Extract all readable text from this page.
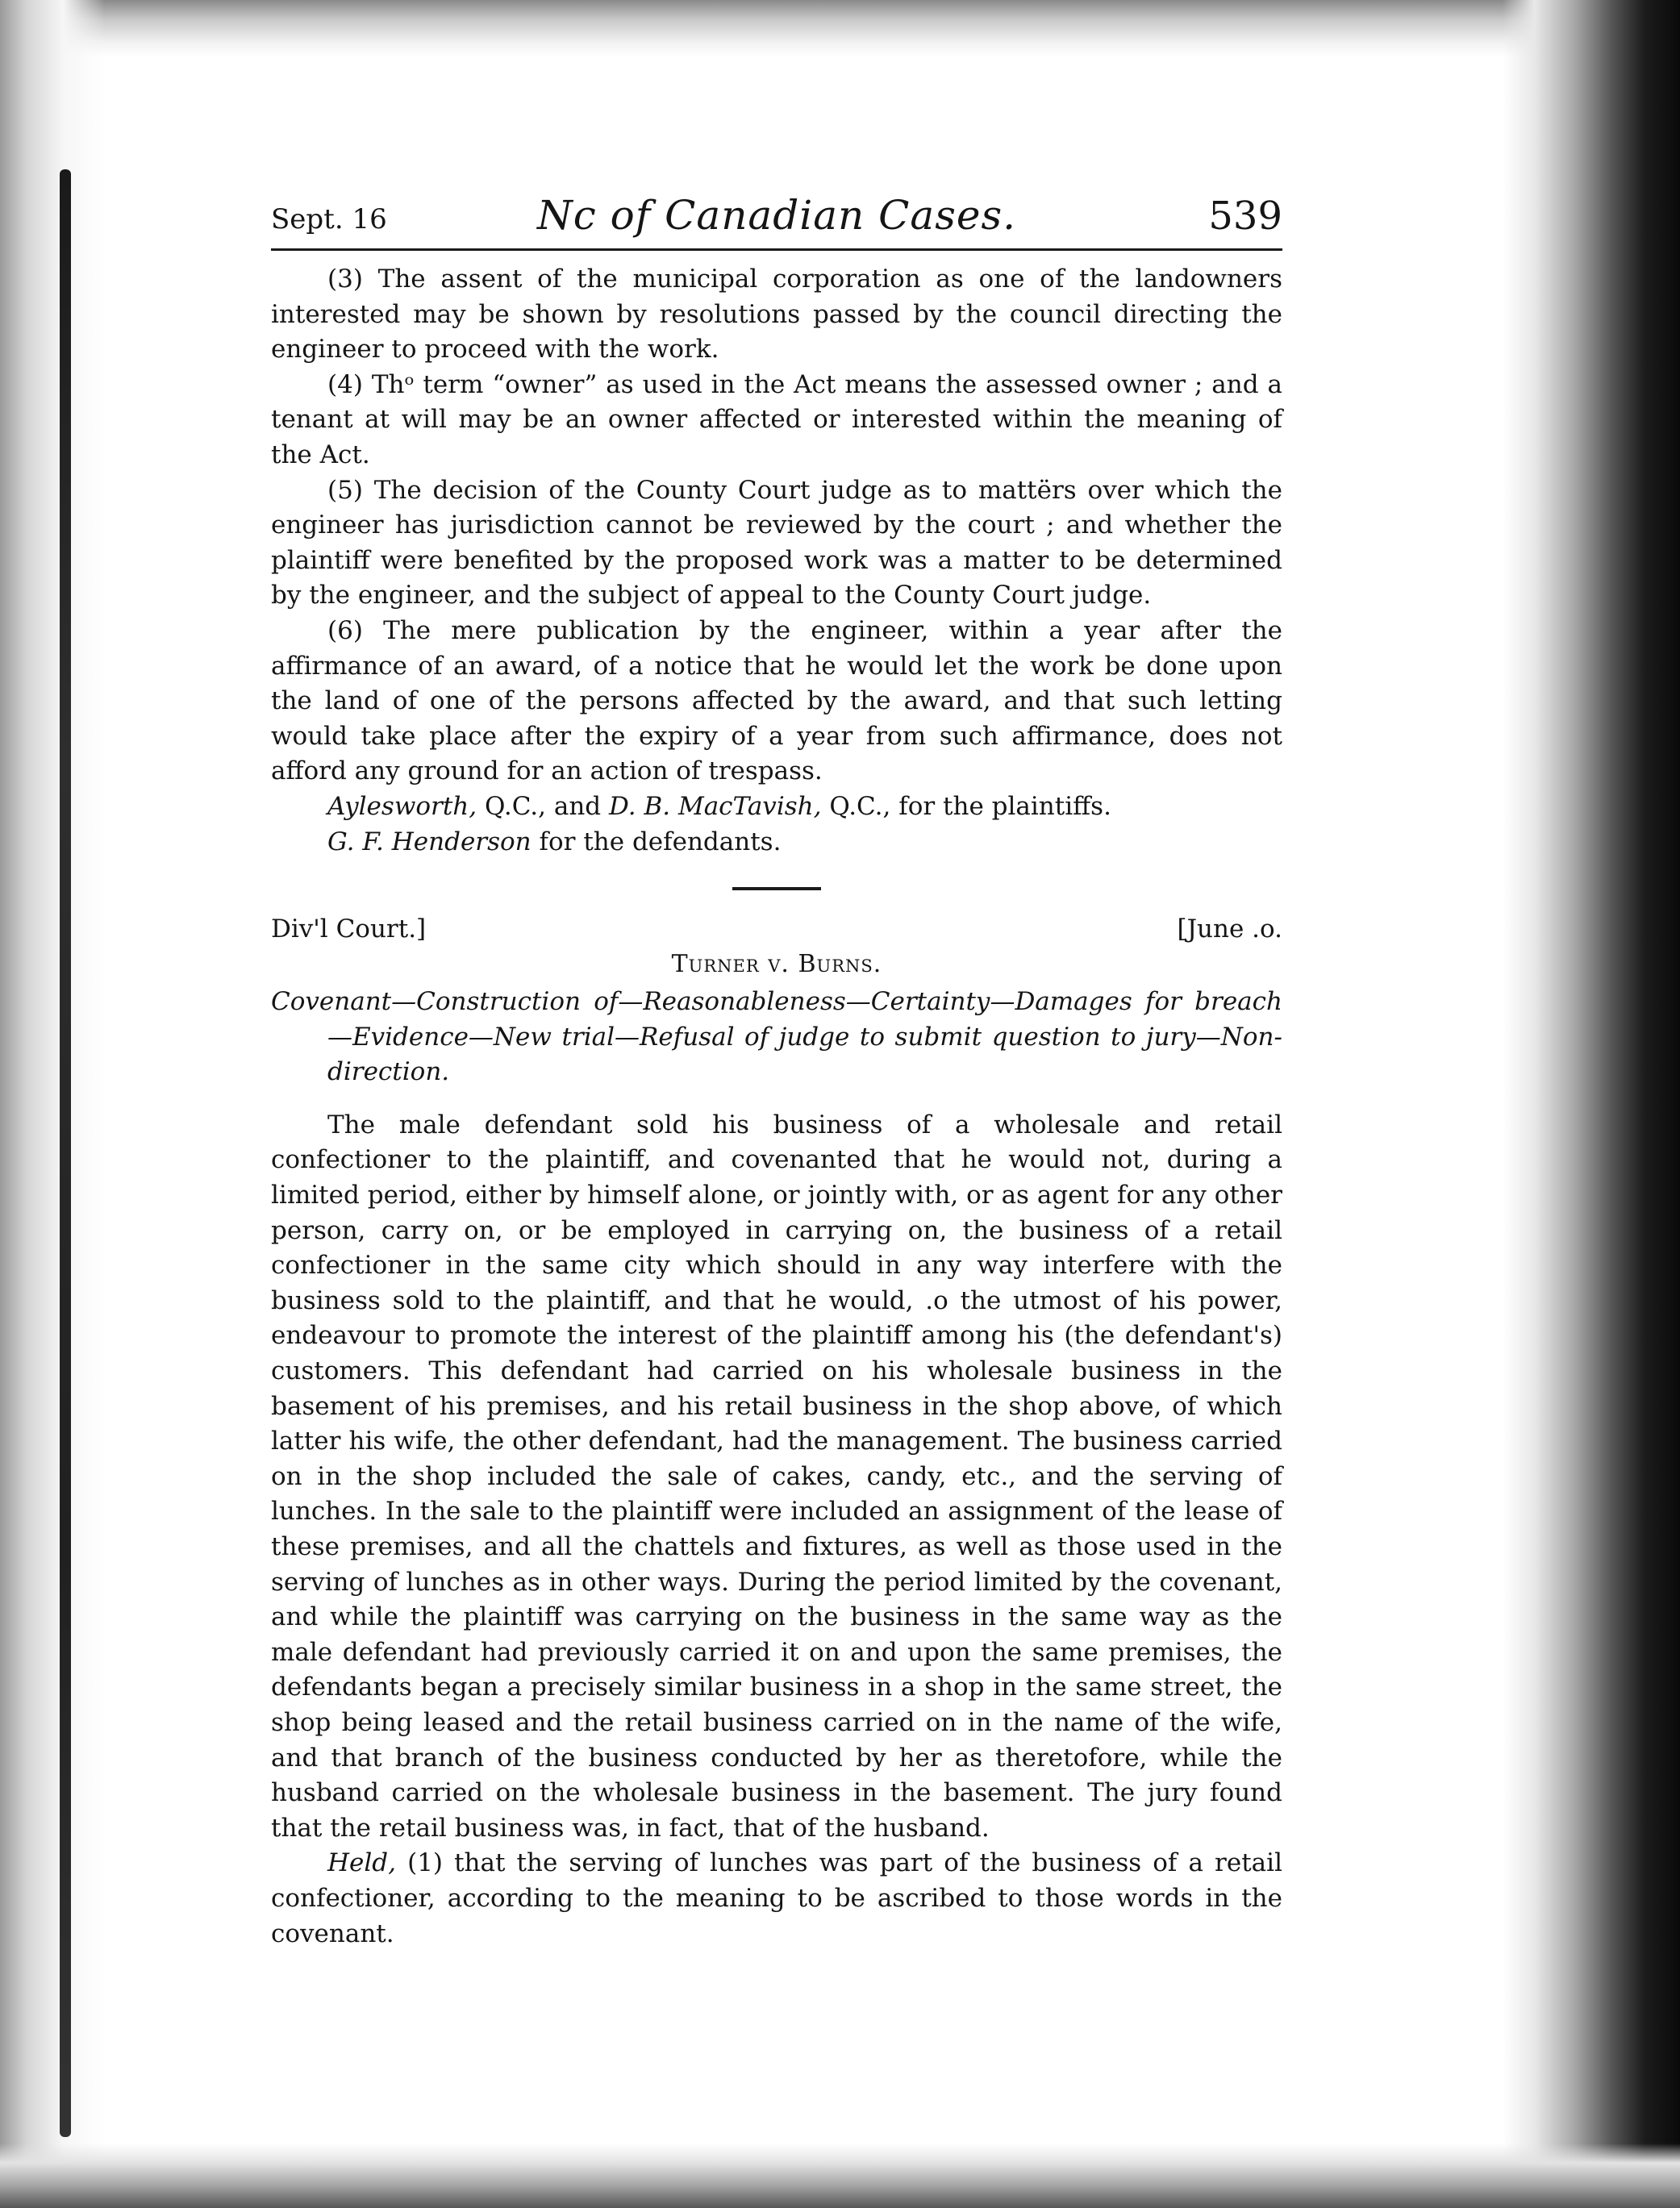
Sept. 16	Nc of Canadian Cases.	539

(3) The assent of the municipal corporation as one of the landowners interested may be shown by resolutions passed by the council directing the engineer to proceed with the work.

(4) Thᵒ term “owner” as used in the Act means the assessed owner ; and a tenant at will may be an owner affected or interested within the meaning of the Act.

(5) The decision of the County Court judge as to mattërs over which the engineer has jurisdiction cannot be reviewed by the court ; and whether the plaintiff were benefited by the proposed work was a matter to be determined by the engineer, and the subject of appeal to the County Court judge.

(6) The mere publication by the engineer, within a year after the affirmance of an award, of a notice that he would let the work be done upon the land of one of the persons affected by the award, and that such letting would take place after the expiry of a year from such affirmance, does not afford any ground for an action of trespass.

Aylesworth, Q.C., and D. B. MacTavish, Q.C., for the plaintiffs.

G. F. Henderson for the defendants.

Div'l Court.]	[June .o.
Turner v. Burns.
Covenant—Construction of—Reasonableness—Certainty—Damages for breach —Evidence—New trial—Refusal of judge to submit question to jury—Non-direction.

The male defendant sold his business of a wholesale and retail confectioner to the plaintiff, and covenanted that he would not, during a limited period, either by himself alone, or jointly with, or as agent for any other person, carry on, or be employed in carrying on, the business of a retail confectioner in the same city which should in any way interfere with the business sold to the plaintiff, and that he would, .o the utmost of his power, endeavour to promote the interest of the plaintiff among his (the defendant's) customers. This defendant had carried on his wholesale business in the basement of his premises, and his retail business in the shop above, of which latter his wife, the other defendant, had the management. The business carried on in the shop included the sale of cakes, candy, etc., and the serving of lunches. In the sale to the plaintiff were included an assignment of the lease of these premises, and all the chattels and fixtures, as well as those used in the serving of lunches as in other ways. During the period limited by the covenant, and while the plaintiff was carrying on the business in the same way as the male defendant had previously carried it on and upon the same premises, the defendants began a precisely similar business in a shop in the same street, the shop being leased and the retail business carried on in the name of the wife, and that branch of the business conducted by her as theretofore, while the husband carried on the wholesale business in the basement. The jury found that the retail business was, in fact, that of the husband.

Held, (1) that the serving of lunches was part of the business of a retail confectioner, according to the meaning to be ascribed to those words in the covenant.
